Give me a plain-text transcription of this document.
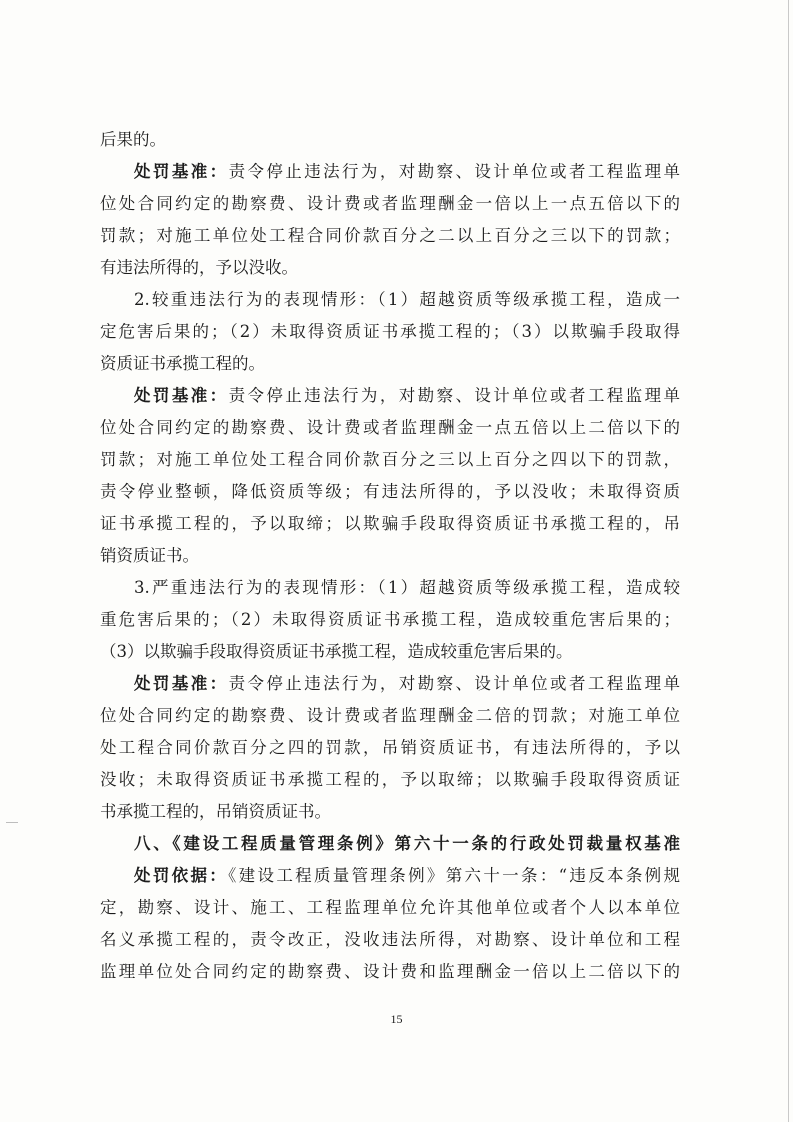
后果的。
处罚基准：责令停止违法行为，对勘察、设计单位或者工程监理单
位处合同约定的勘察费、设计费或者监理酬金一倍以上一点五倍以下的
罚款；对施工单位处工程合同价款百分之二以上百分之三以下的罚款；
有违法所得的，予以没收。
2.较重违法行为的表现情形：（1）超越资质等级承揽工程，造成一
定危害后果的；（2）未取得资质证书承揽工程的；（3）以欺骗手段取得
资质证书承揽工程的。
处罚基准：责令停止违法行为，对勘察、设计单位或者工程监理单
位处合同约定的勘察费、设计费或者监理酬金一点五倍以上二倍以下的
罚款；对施工单位处工程合同价款百分之三以上百分之四以下的罚款，
责令停业整顿，降低资质等级；有违法所得的，予以没收；未取得资质
证书承揽工程的，予以取缔；以欺骗手段取得资质证书承揽工程的，吊
销资质证书。
3.严重违法行为的表现情形：（1）超越资质等级承揽工程，造成较
重危害后果的；（2）未取得资质证书承揽工程，造成较重危害后果的；
（3）以欺骗手段取得资质证书承揽工程，造成较重危害后果的。
处罚基准：责令停止违法行为，对勘察、设计单位或者工程监理单
位处合同约定的勘察费、设计费或者监理酬金二倍的罚款；对施工单位
处工程合同价款百分之四的罚款，吊销资质证书，有违法所得的，予以
没收；未取得资质证书承揽工程的，予以取缔；以欺骗手段取得资质证
书承揽工程的，吊销资质证书。
八、《建设工程质量管理条例》第六十一条的行政处罚裁量权基准
处罚依据：《建设工程质量管理条例》第六十一条：“违反本条例规
定，勘察、设计、施工、工程监理单位允许其他单位或者个人以本单位
名义承揽工程的，责令改正，没收违法所得，对勘察、设计单位和工程
监理单位处合同约定的勘察费、设计费和监理酬金一倍以上二倍以下的
15
